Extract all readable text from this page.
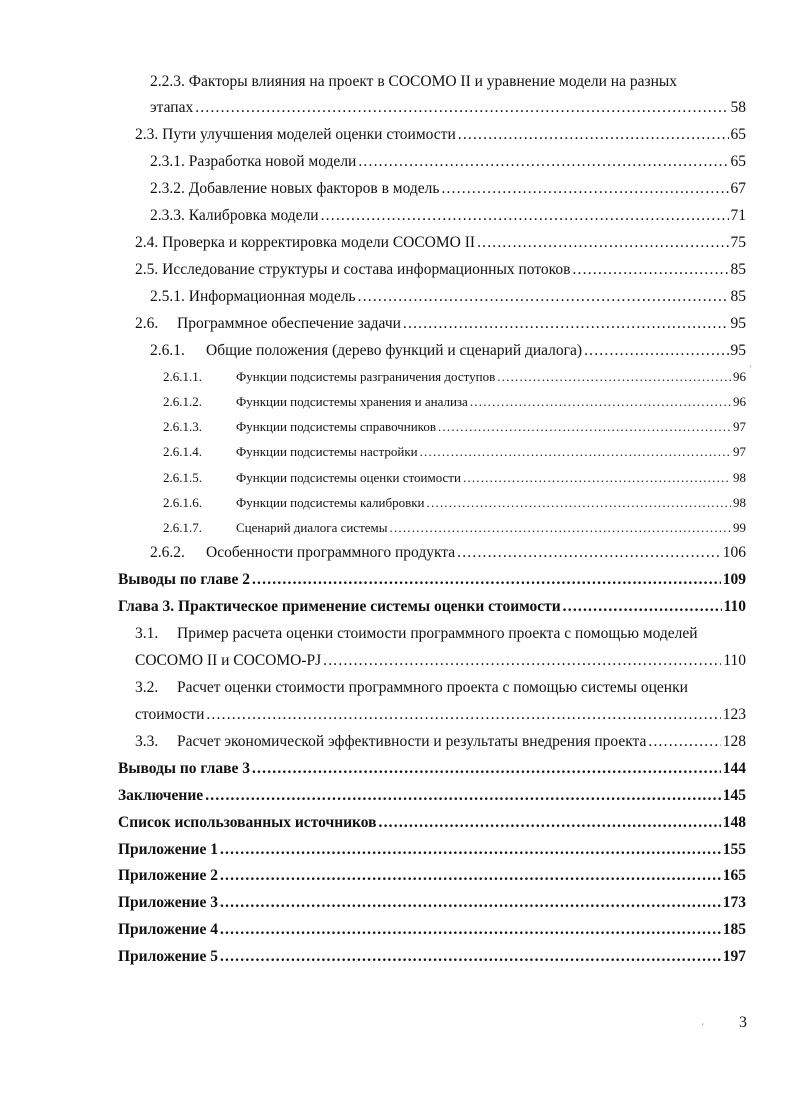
2.2.3. Факторы влияния на проект в COCOMO II и уравнение модели на разных
этапах .....	58
2.3. Пути улучшения моделей оценки стоимости .....	65
2.3.1. Разработка новой модели .....	65
2.3.2. Добавление новых факторов в модель .....	67
2.3.3. Калибровка модели .....	71
2.4. Проверка и корректировка модели COCOMO II .....	75
2.5. Исследование структуры и состава информационных потоков .....	85
2.5.1. Информационная модель .....	85
2.6. Программное обеспечение задачи .....	95
2.6.1. Общие положения (дерево функций и сценарий диалога) .....	95
2.6.1.1.	Функции подсистемы разграничения доступов .....	96
2.6.1.2.	Функции подсистемы хранения и анализа .....	96
2.6.1.3.	Функции подсистемы справочников .....	97
2.6.1.4.	Функции подсистемы настройки .....	97
2.6.1.5.	Функции подсистемы оценки стоимости .....	98
2.6.1.6.	Функции подсистемы калибровки .....	98
2.6.1.7.	Сценарий диалога системы .....	99
2.6.2. Особенности программного продукта .....	106
Выводы по главе 2 .....	109
Глава 3. Практическое применение системы оценки стоимости .....	110
3.1. Пример расчета оценки стоимости программного проекта с помощью моделей
COCOMO II и COCOMO-PJ .....	110
3.2. Расчет оценки стоимости программного проекта с помощью системы оценки
стоимости .....	123
3.3. Расчет экономической эффективности и результаты внедрения проекта .....	128
Выводы по главе 3 .....	144
Заключение .....	145
Список использованных источников .....	148
Приложение 1 .....	155
Приложение 2 .....	165
Приложение 3 .....	173
Приложение 4 .....	185
Приложение 5 .....	197
'
' 3
